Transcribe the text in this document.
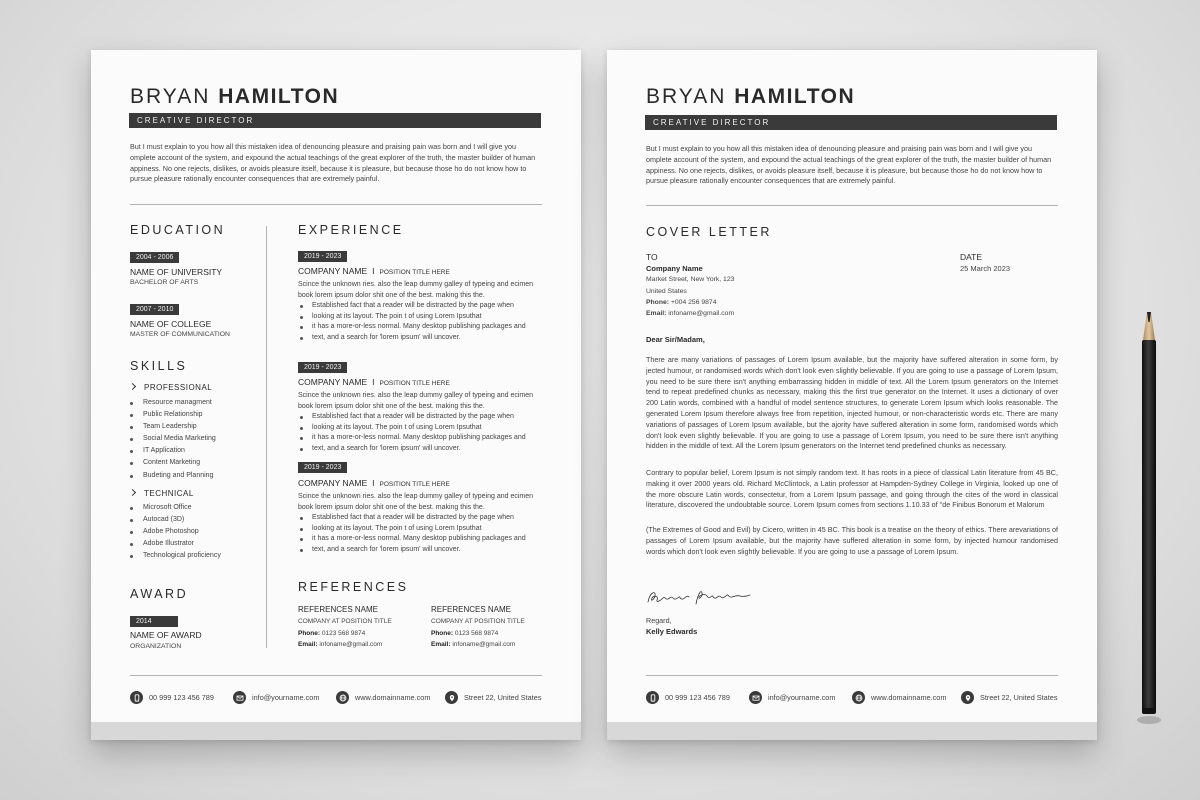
BRYAN HAMILTON
CREATIVE DIRECTOR
But I must explain to you how all this mistaken idea of denouncing pleasure and praising pain was born and I will give you omplete account of the system, and expound the actual teachings of the great explorer of the truth, the master builder of human appiness. No one rejects, dislikes, or avoids pleasure itself, because it is pleasure, but because those ho do not know how to pursue pleasure rationally encounter consequences that are extremely painful.
EDUCATION
2004 - 2006
NAME OF UNIVERSITY
BACHELOR OF ARTS
2007 - 2010
NAME OF COLLEGE
MASTER OF COMMUNICATION
SKILLS
PROFESSIONAL
Resource managment
Public Relationship
Team Leadership
Social Media Marketing
IT Application
Content Marketing
Budeting and Planning
TECHNICAL
Microsoft Office
Autocad (3D)
Adobe Photoshop
Adobe Illustrator
Technological proficiency
AWARD
2014
NAME OF AWARD
ORGANIZATION
EXPERIENCE
2019 - 2023
COMPANY NAME I POSITION TITLE HERE
Scince the unknown ries. also the leap dummy galley of typeing and ecimen book lorem ipsum dolor shit one of the best. making this the.
Established fact that a reader will be distracted by the page when
looking at its layout. The poin t of using Lorem Ipsuthat
it has a more-or-less normal. Many desktop publishing packages and
text, and a search for 'lorem ipsum' will uncover.
2019 - 2023
COMPANY NAME I POSITION TITLE HERE
Scince the unknown ries. also the leap dummy galley of typeing and ecimen book lorem ipsum dolor shit one of the best. making this the.
Established fact that a reader will be distracted by the page when
looking at its layout. The poin t of using Lorem Ipsuthat
it has a more-or-less normal. Many desktop publishing packages and
text, and a search for 'lorem ipsum' will uncover.
2019 - 2023
COMPANY NAME I POSITION TITLE HERE
Scince the unknown ries. also the leap dummy galley of typeing and ecimen book lorem ipsum dolor shit one of the best. making this the.
Established fact that a reader will be distracted by the page when
looking at its layout. The poin t of using Lorem Ipsuthat
it has a more-or-less normal. Many desktop publishing packages and
text, and a search for 'lorem ipsum' will uncover.
REFERENCES
REFERENCES NAME
COMPANY AT POSITION TITLE
Phone: 0123 568 9874
Email: infoname@gmail.com
REFERENCES NAME
COMPANY AT POSITION TITLE
Phone: 0123 568 9874
Email: infoname@gmail.com
00 999 123 456 789	info@yourname.com	www.domainname.com	Street 22, United States
BRYAN HAMILTON
CREATIVE DIRECTOR
But I must explain to you how all this mistaken idea of denouncing pleasure and praising pain was born and I will give you omplete account of the system, and expound the actual teachings of the great explorer of the truth, the master builder of human appiness. No one rejects, dislikes, or avoids pleasure itself, because it is pleasure, but because those ho do not know how to pursue pleasure rationally encounter consequences that are extremely painful.
COVER LETTER
TO
Company Name
Market Street, New York, 123
United States
Phone: +004 256 9874
Email: infoname@gmail.com
DATE
25 March 2023
Dear Sir/Madam,
There are many variations of passages of Lorem Ipsum available, but the majority have suffered alteration in some form, by jected humour, or randomised words which don't look even slightly believable. If you are going to use a passage of Lorem Ipsum, you need to be sure there isn't anything embarrassing hidden in middle of text. All the Lorem Ipsum generators on the Internet tend to repeat predefined chunks as necessary, making this the first true generator on the Internet. It uses a dictionary of over 200 Latin words, combined with a handful of model sentence structures, to generate Lorem Ipsum which looks reasonable. The generated Lorem Ipsum therefore always free from repetition, injected humour, or non-characteristic words etc. There are many variations of passages of Lorem Ipsum available, but the ajority have suffered alteration in some form, randomised words which don't look even slightly believable. If you are going to use a passage of Lorem Ipsum, you need to be sure there isn't anything hidden in the middle of text. All the Lorem Ipsum generators on the Internet tend predefined chunks as necessary.
Contrary to popular belief, Lorem Ipsum is not simply random text. It has roots in a piece of classical Latin literature from 45 BC, making it over 2000 years old. Richard McClintock, a Latin professor at Hampden-Sydney College in Virginia, looked up one of the more obscure Latin words, consectetur, from a Lorem Ipsum passage, and going through the cites of the word in classical literature, discovered the undoubtable source. Lorem Ipsum comes from sections 1.10.33 of "de Finibus Bonorum et Malorum
(The Extremes of Good and Evil) by Cicero, written in 45 BC. This book is a treatise on the theory of ethics. There arevariations of passages of Lorem Ipsum available, but the majority have suffered alteration in some form, by injected humour randomised words which don't look even slightly believable. If you are going to use a passage of Lorem Ipsum.
Regard,
Kelly Edwards
00 999 123 456 789	info@yourname.com	www.domainname.com	Street 22, United States
